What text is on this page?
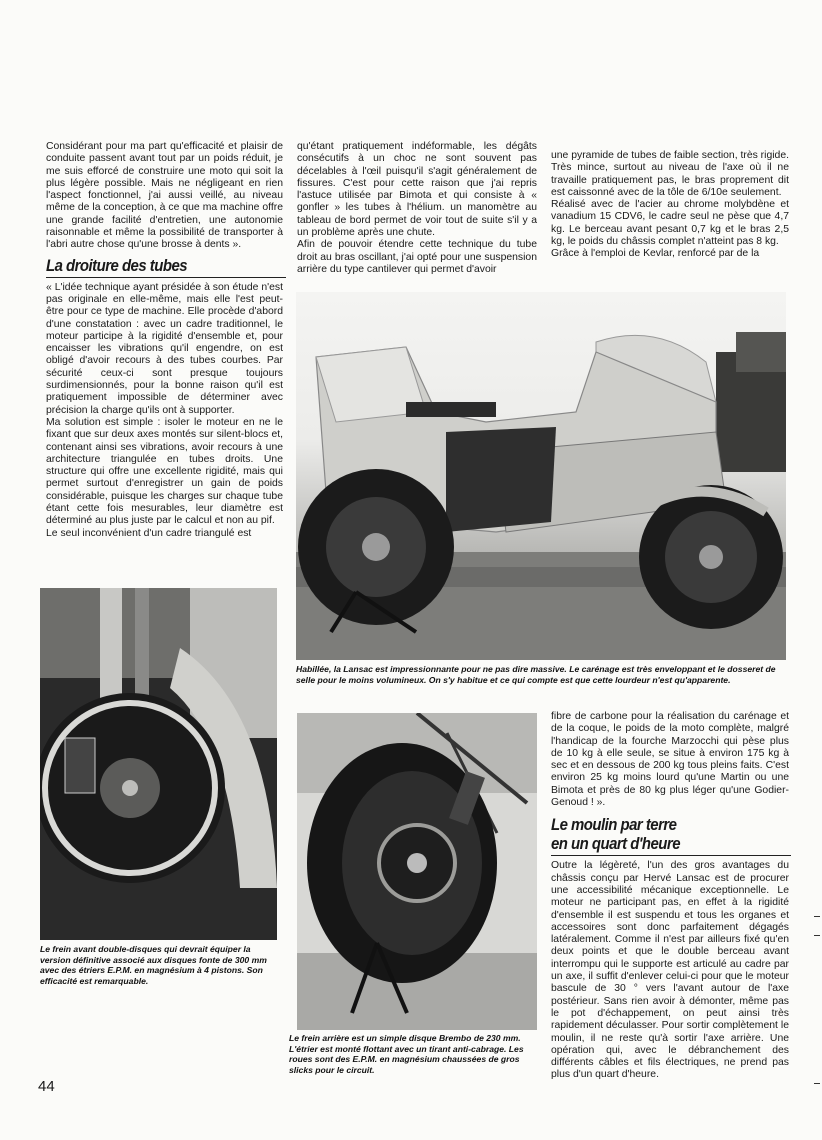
Considérant pour ma part qu'efficacité et plaisir de conduite passent avant tout par un poids réduit, je me suis efforcé de construire une moto qui soit la plus légère possible. Mais ne négligeant en rien l'aspect fonctionnel, j'ai aussi veillé, au niveau même de la conception, à ce que ma machine offre une grande facilité d'entretien, une autonomie raisonnable et même la possibilité de transporter à l'abri autre chose qu'une brosse à dents ».

La droiture des tubes

« L'idée technique ayant présidée à son étude n'est pas originale en elle-même, mais elle l'est peut-être pour ce type de machine. Elle procède d'abord d'une constatation : avec un cadre traditionnel, le moteur participe à la rigidité d'ensemble et, pour encaisser les vibrations qu'il engendre, on est obligé d'avoir recours à des tubes courbes. Par sécurité ceux-ci sont presque toujours surdimensionnés, pour la bonne raison qu'il est pratiquement impossible de déterminer avec précision la charge qu'ils ont à supporter.

Ma solution est simple : isoler le moteur en ne le fixant que sur deux axes montés sur silent-blocs et, contenant ainsi ses vibrations, avoir recours à une architecture triangulée en tubes droits. Une structure qui offre une excellente rigidité, mais qui permet surtout d'enregistrer un gain de poids considérable, puisque les charges sur chaque tube étant cette fois mesurables, leur diamètre est déterminé au plus juste par le calcul et non au pif.

Le seul inconvénient d'un cadre triangulé est

qu'étant pratiquement indéformable, les dégâts consécutifs à un choc ne sont souvent pas décelables à l'œil puisqu'il s'agit généralement de fissures. C'est pour cette raison que j'ai repris l'astuce utilisée par Bimota et qui consiste à « gonfler » les tubes à l'hélium. un manomètre au tableau de bord permet de voir tout de suite s'il y a un problème après une chute.

Afin de pouvoir étendre cette technique du tube droit au bras oscillant, j'ai opté pour une suspension arrière du type cantilever qui permet d'avoir

une pyramide de tubes de faible section, très rigide. Très mince, surtout au niveau de l'axe où il ne travaille pratiquement pas, le bras proprement dit est caissonné avec de la tôle de 6/10e seulement.

Réalisé avec de l'acier au chrome molybdène et vanadium 15 CDV6, le cadre seul ne pèse que 4,7 kg. Le berceau avant pesant 0,7 kg et le bras 2,5 kg, le poids du châssis complet n'atteint pas 8 kg.

Grâce à l'emploi de Kevlar, renforcé par de la

Habillée, la Lansac est impressionnante pour ne pas dire massive. Le carénage est très enveloppant et le dosseret de selle pour le moins volumineux. On s'y habitue et ce qui compte est que cette lourdeur n'est qu'apparente.
Le frein avant double-disques qui devrait équiper la version définitive associé aux disques fonte de 300 mm avec des étriers E.P.M. en magnésium à 4 pistons. Son efficacité est remarquable.
Le frein arrière est un simple disque Brembo de 230 mm. L'étrier est monté flottant avec un tirant anti-cabrage. Les roues sont des E.P.M. en magnésium chaussées de gros slicks pour le circuit.

fibre de carbone pour la réalisation du carénage et de la coque, le poids de la moto complète, malgré l'handicap de la fourche Marzocchi qui pèse plus de 10 kg à elle seule, se situe à environ 175 kg à sec et en dessous de 200 kg tous pleins faits. C'est environ 25 kg moins lourd qu'une Martin ou une Bimota et près de 80 kg plus léger qu'une Godier-Genoud ! ».

Le moulin par terre
en un quart d'heure

Outre la légèreté, l'un des gros avantages du châssis conçu par Hervé Lansac est de procurer une accessibilité mécanique exceptionnelle. Le moteur ne participant pas, en effet à la rigidité d'ensemble il est suspendu et tous les organes et accessoires sont donc parfaitement dégagés latéralement. Comme il n'est par ailleurs fixé qu'en deux points et que le double berceau avant interrompu qui le supporte est articulé au cadre par un axe, il suffit d'enlever celui-ci pour que le moteur bascule de 30 ° vers l'avant autour de l'axe postérieur. Sans rien avoir à démonter, même pas le pot d'échappement, on peut ainsi très rapidement déculasser. Pour sortir complètement le moulin, il ne reste qu'à sortir l'axe arrière. Une opération qui, avec le débranchement des différents câbles et fils électriques, ne prend pas plus d'un quart d'heure.

44
